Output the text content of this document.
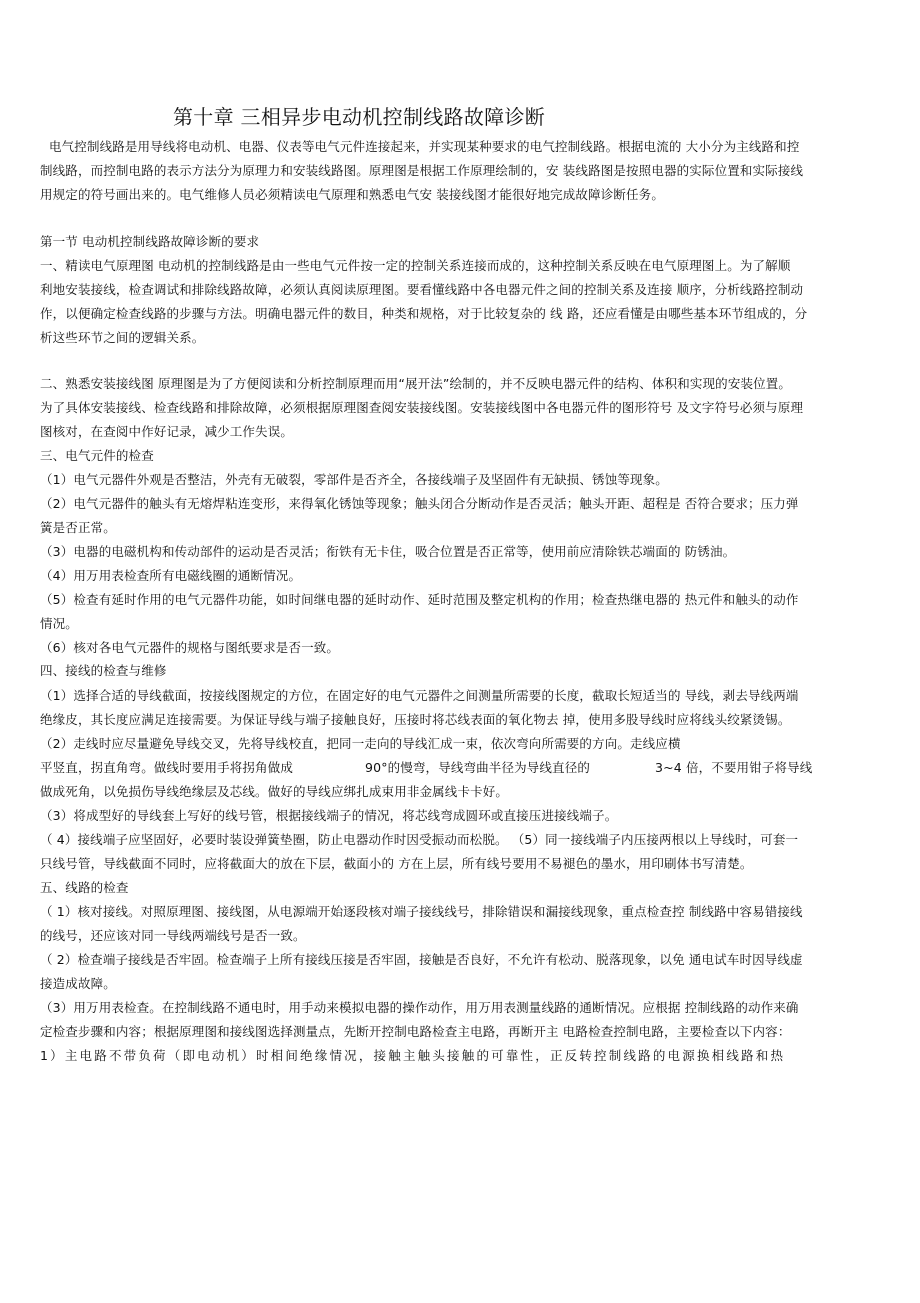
第十章 三相异步电动机控制线路故障诊断
电气控制线路是用导线将电动机、电器、仪表等电气元件连接起来，并实现某种要求的电气控制线路。根据电流的 大小分为主线路和控
制线路，而控制电路的表示方法分为原理力和安装线路图。原理图是根据工作原理绘制的，安 装线路图是按照电器的实际位置和实际接线
用规定的符号画出来的。电气维修人员必须精读电气原理和熟悉电气安 装接线图才能很好地完成故障诊断任务。
第一节 电动机控制线路故障诊断的要求
一、精读电气原理图 电动机的控制线路是由一些电气元件按一定的控制关系连接而成的，这种控制关系反映在电气原理图上。为了解顺
利地安装接线，检查调试和排除线路故障，必须认真阅读原理图。要看懂线路中各电器元件之间的控制关系及连接 顺序，分析线路控制动
作，以便确定检查线路的步骤与方法。明确电器元件的数目，种类和规格，对于比较复杂的 线 路，还应看懂是由哪些基本环节组成的，分
析这些环节之间的逻辑关系。
二、熟悉安装接线图 原理图是为了方便阅读和分析控制原理而用“展开法”绘制的，并不反映电器元件的结构、体积和实现的安装位置。
为了具体安装接线、检查线路和排除故障，必须根据原理图查阅安装接线图。安装接线图中各电器元件的图形符号 及文字符号必须与原理
图核对，在查阅中作好记录，减少工作失误。
三、电气元件的检查
（1）电气元器件外观是否整洁，外壳有无破裂，零部件是否齐全，各接线端子及坚固件有无缺损、锈蚀等现象。
（2）电气元器件的触头有无熔焊粘连变形，来得氧化锈蚀等现象；触头闭合分断动作是否灵活；触头开距、超程是 否符合要求；压力弹
簧是否正常。
（3）电器的电磁机构和传动部件的运动是否灵活；衔铁有无卡住，吸合位置是否正常等，使用前应清除铁芯端面的 防锈油。
（4）用万用表检查所有电磁线圈的通断情况。
（5）检查有延时作用的电气元器件功能，如时间继电器的延时动作、延时范围及整定机构的作用；检查热继电器的 热元件和触头的动作
情况。
（6）核对各电气元器件的规格与图纸要求是否一致。
四、接线的检查与维修
（1）选择合适的导线截面，按接线图规定的方位，在固定好的电气元器件之间测量所需要的长度，截取长短适当的 导线，剥去导线两端
绝缘皮，其长度应满足连接需要。为保证导线与端子接触良好，压接时将芯线表面的氧化物去 掉，使用多股导线时应将线头绞紧烫锡。
（2）走线时应尽量避免导线交叉，先将导线校直，把同一走向的导线汇成一束，依次弯向所需要的方向。走线应横
平竖直，拐直角弯。做线时要用手将拐角做成	90°的慢弯，导线弯曲半径为导线直径的	3~4 倍，不要用钳子将导线
做成死角，以免损伤导线绝缘层及芯线。做好的导线应绑扎成束用非金属线卡卡好。
（3）将成型好的导线套上写好的线号管，根据接线端子的情况，将芯线弯成圆环或直接压进接线端子。
（ 4）接线端子应坚固好，必要时装设弹簧垫圈，防止电器动作时因受振动而松脱。 （5）同一接线端子内压接两根以上导线时，可套一
只线号管，导线截面不同时，应将截面大的放在下层，截面小的 方在上层，所有线号要用不易褪色的墨水，用印刷体书写清楚。
五、线路的检查
（ 1）核对接线。对照原理图、接线图，从电源端开始逐段核对端子接线线号，排除错误和漏接线现象，重点检查控 制线路中容易错接线
的线号，还应该对同一导线两端线号是否一致。
（ 2）检查端子接线是否牢固。检查端子上所有接线压接是否牢固，接触是否良好，不允许有松动、脱落现象，以免 通电试车时因导线虚
接造成故障。
（3）用万用表检查。在控制线路不通电时，用手动来模拟电器的操作动作，用万用表测量线路的通断情况。应根据 控制线路的动作来确
定检查步骤和内容；根据原理图和接线图选择测量点，先断开控制电路检查主电路，再断开主 电路检查控制电路，主要检查以下内容：
1）主电路不带负荷（即电动机）时相间绝缘情况，接触主触头接触的可靠性，正反转控制线路的电源换相线路和热
